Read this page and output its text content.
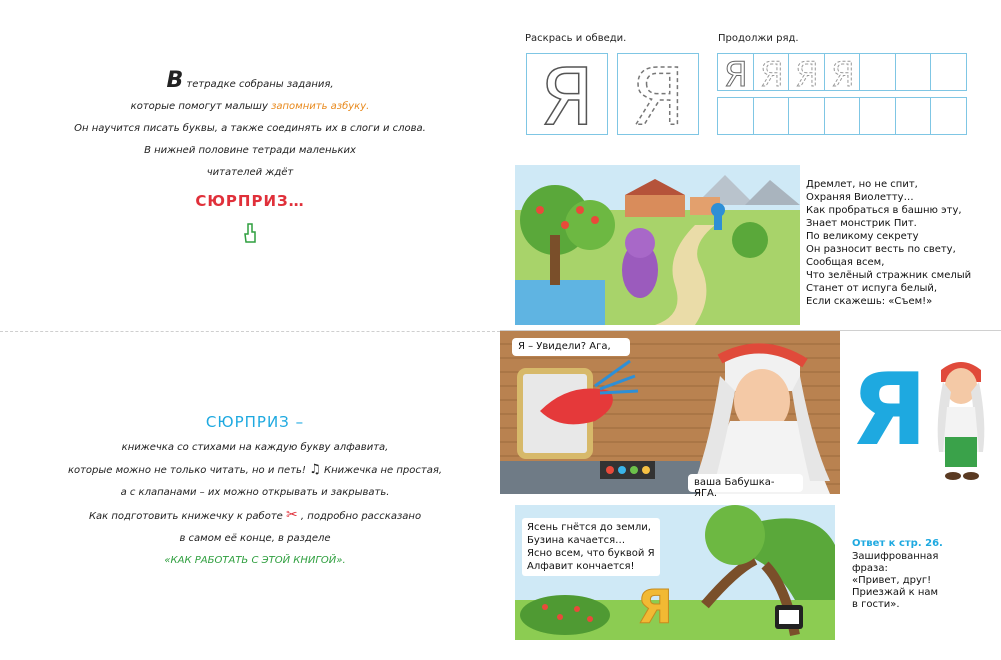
В тетрадке собраны задания,
которые помогут малышу запомнить азбуку.
Он научится писать буквы, а также соединять их в слоги и слова.
В нижней половине тетради маленьких
читателей ждёт
СЮРПРИЗ…
СЮРПРИЗ –
книжечка со стихами на каждую букву алфавита,
которые можно не только читать, но и петь! ♫ Книжечка не простая,
а с клапанами – их можно открывать и закрывать.
Как подготовить книжечку к работе ✂ , подробно рассказано
в самом её конце, в разделе
«КАК РАБОТАТЬ С ЭТОЙ КНИГОЙ».
Раскрась и обведи.	Продолжи ряд.
Я Я Я Я Я Я
Дремлет, но не спит,
Охраняя Виолетту…
Как пробраться в башню эту,
Знает монстрик Пит.
По великому секрету
Он разносит весть по свету,
Сообщая всем,
Что зелёный стражник смелый
Станет от испуга белый,
Если скажешь: «Съем!»
Я – Увидели? Ага,
ваша Бабушка-ЯГА.
Я
Я
Ясень гнётся до земли,
Бузина качается…
Ясно всем, что буквой Я
Алфавит кончается!
Ответ к стр. 26.
Зашифрованная
фраза:
«Привет, друг!
Приезжай к нам
в гости».
